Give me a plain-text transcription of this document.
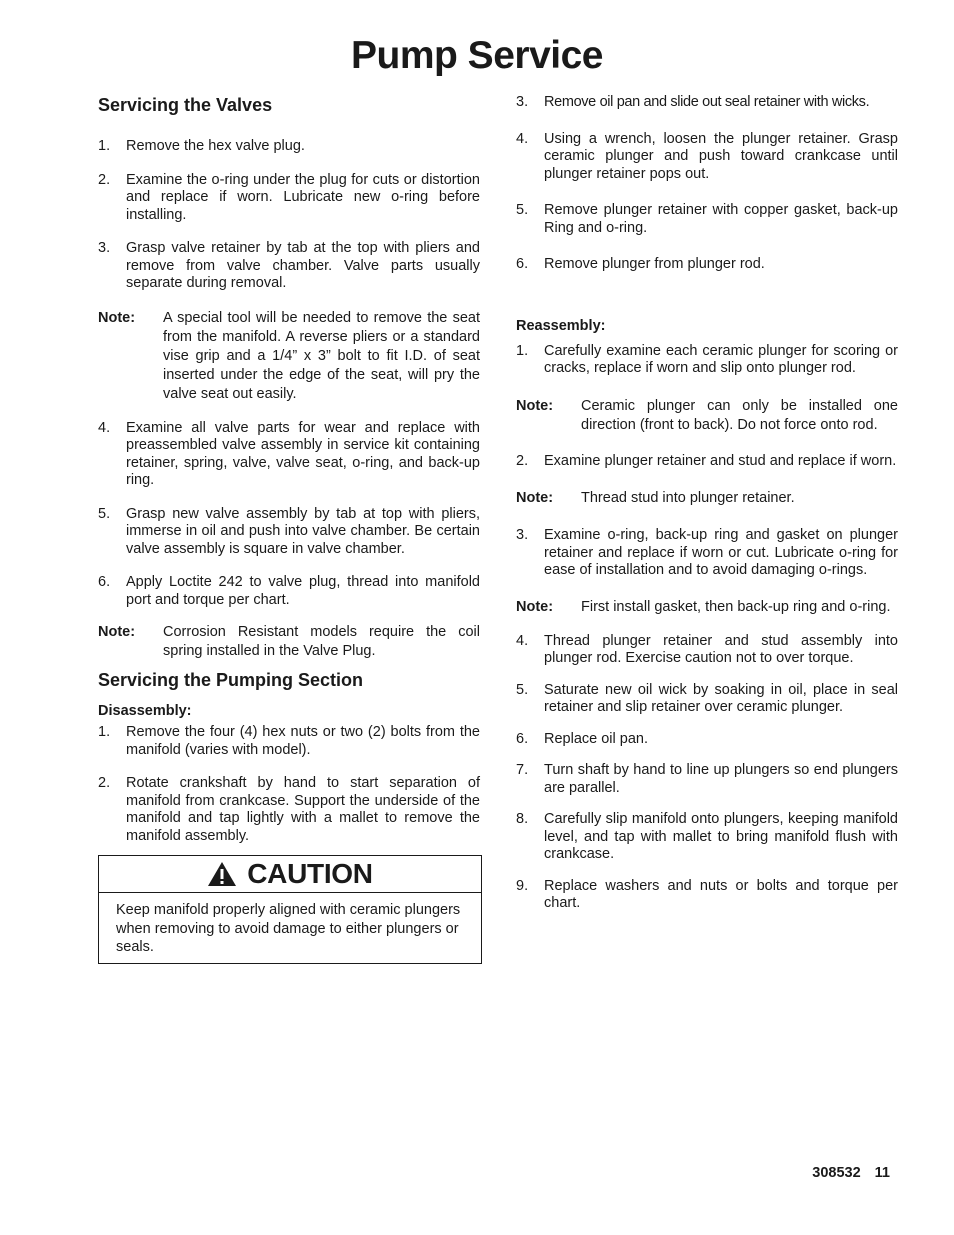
Pump Service
Servicing the Valves
1.	Remove the hex valve plug.
2.	Examine the o‑ring under the plug for cuts or distortion and replace if worn. Lubricate new o‑ring before installing.
3.	Grasp valve retainer by tab at the top with pliers and remove from valve chamber. Valve parts usually separate during removal.
Note:	A special tool will be needed to remove the seat from the manifold. A reverse pliers or a standard vise grip and a 1/4” x 3” bolt to fit I.D. of seat inserted under the edge of the seat, will pry the valve seat out easily.
4.	Examine all valve parts for wear and replace with preassembled valve assembly in service kit containing retainer, spring, valve, valve seat, o‑ring, and back‑up ring.
5.	Grasp new valve assembly by tab at top with pliers, immerse in oil and push into valve chamber. Be certain valve assembly is square in valve chamber.
6.	Apply Loctite 242 to valve plug, thread into manifold port and torque per chart.
Note:	Corrosion Resistant models require the coil spring installed in the Valve Plug.
Servicing the Pumping Section
Disassembly:
1.	Remove the four (4) hex nuts or two (2) bolts from the manifold (varies with model).
2.	Rotate crankshaft by hand to start separation of manifold from crankcase. Support the underside of the manifold and tap lightly with a mallet to remove the manifold assembly.
CAUTION
Keep manifold properly aligned with ceramic plungers when removing to avoid damage to either plungers or seals.
3.	Remove oil pan and slide out seal retainer with wicks.
4.	Using a wrench, loosen the plunger retainer. Grasp ceramic plunger and push toward crankcase until plunger retainer pops out.
5.	Remove plunger retainer with copper gasket, back‑up Ring and o‑ring.
6.	Remove plunger from plunger rod.
Reassembly:
1.	Carefully examine each ceramic plunger for scoring or cracks, replace if worn and slip onto plunger rod.
Note:	Ceramic plunger can only be installed one direction (front to back). Do not force onto rod.
2.	Examine plunger retainer and stud and replace if worn.
Note:	Thread stud into plunger retainer.
3.	Examine o‑ring, back‑up ring and gasket on plunger retainer and replace if worn or cut. Lubricate o‑ring for ease of installation and to avoid damaging o‑rings.
Note:	First install gasket, then back‑up ring and o‑ring.
4.	Thread plunger retainer and stud assembly into plunger rod. Exercise caution not to over torque.
5.	Saturate new oil wick by soaking in oil, place in seal retainer and slip retainer over ceramic plunger.
6.	Replace oil pan.
7.	Turn shaft by hand to line up plungers so end plungers are parallel.
8.	Carefully slip manifold onto plungers, keeping manifold level, and tap with mallet to bring manifold flush with crankcase.
9.	Replace washers and nuts or bolts and torque per chart.
308532 11
